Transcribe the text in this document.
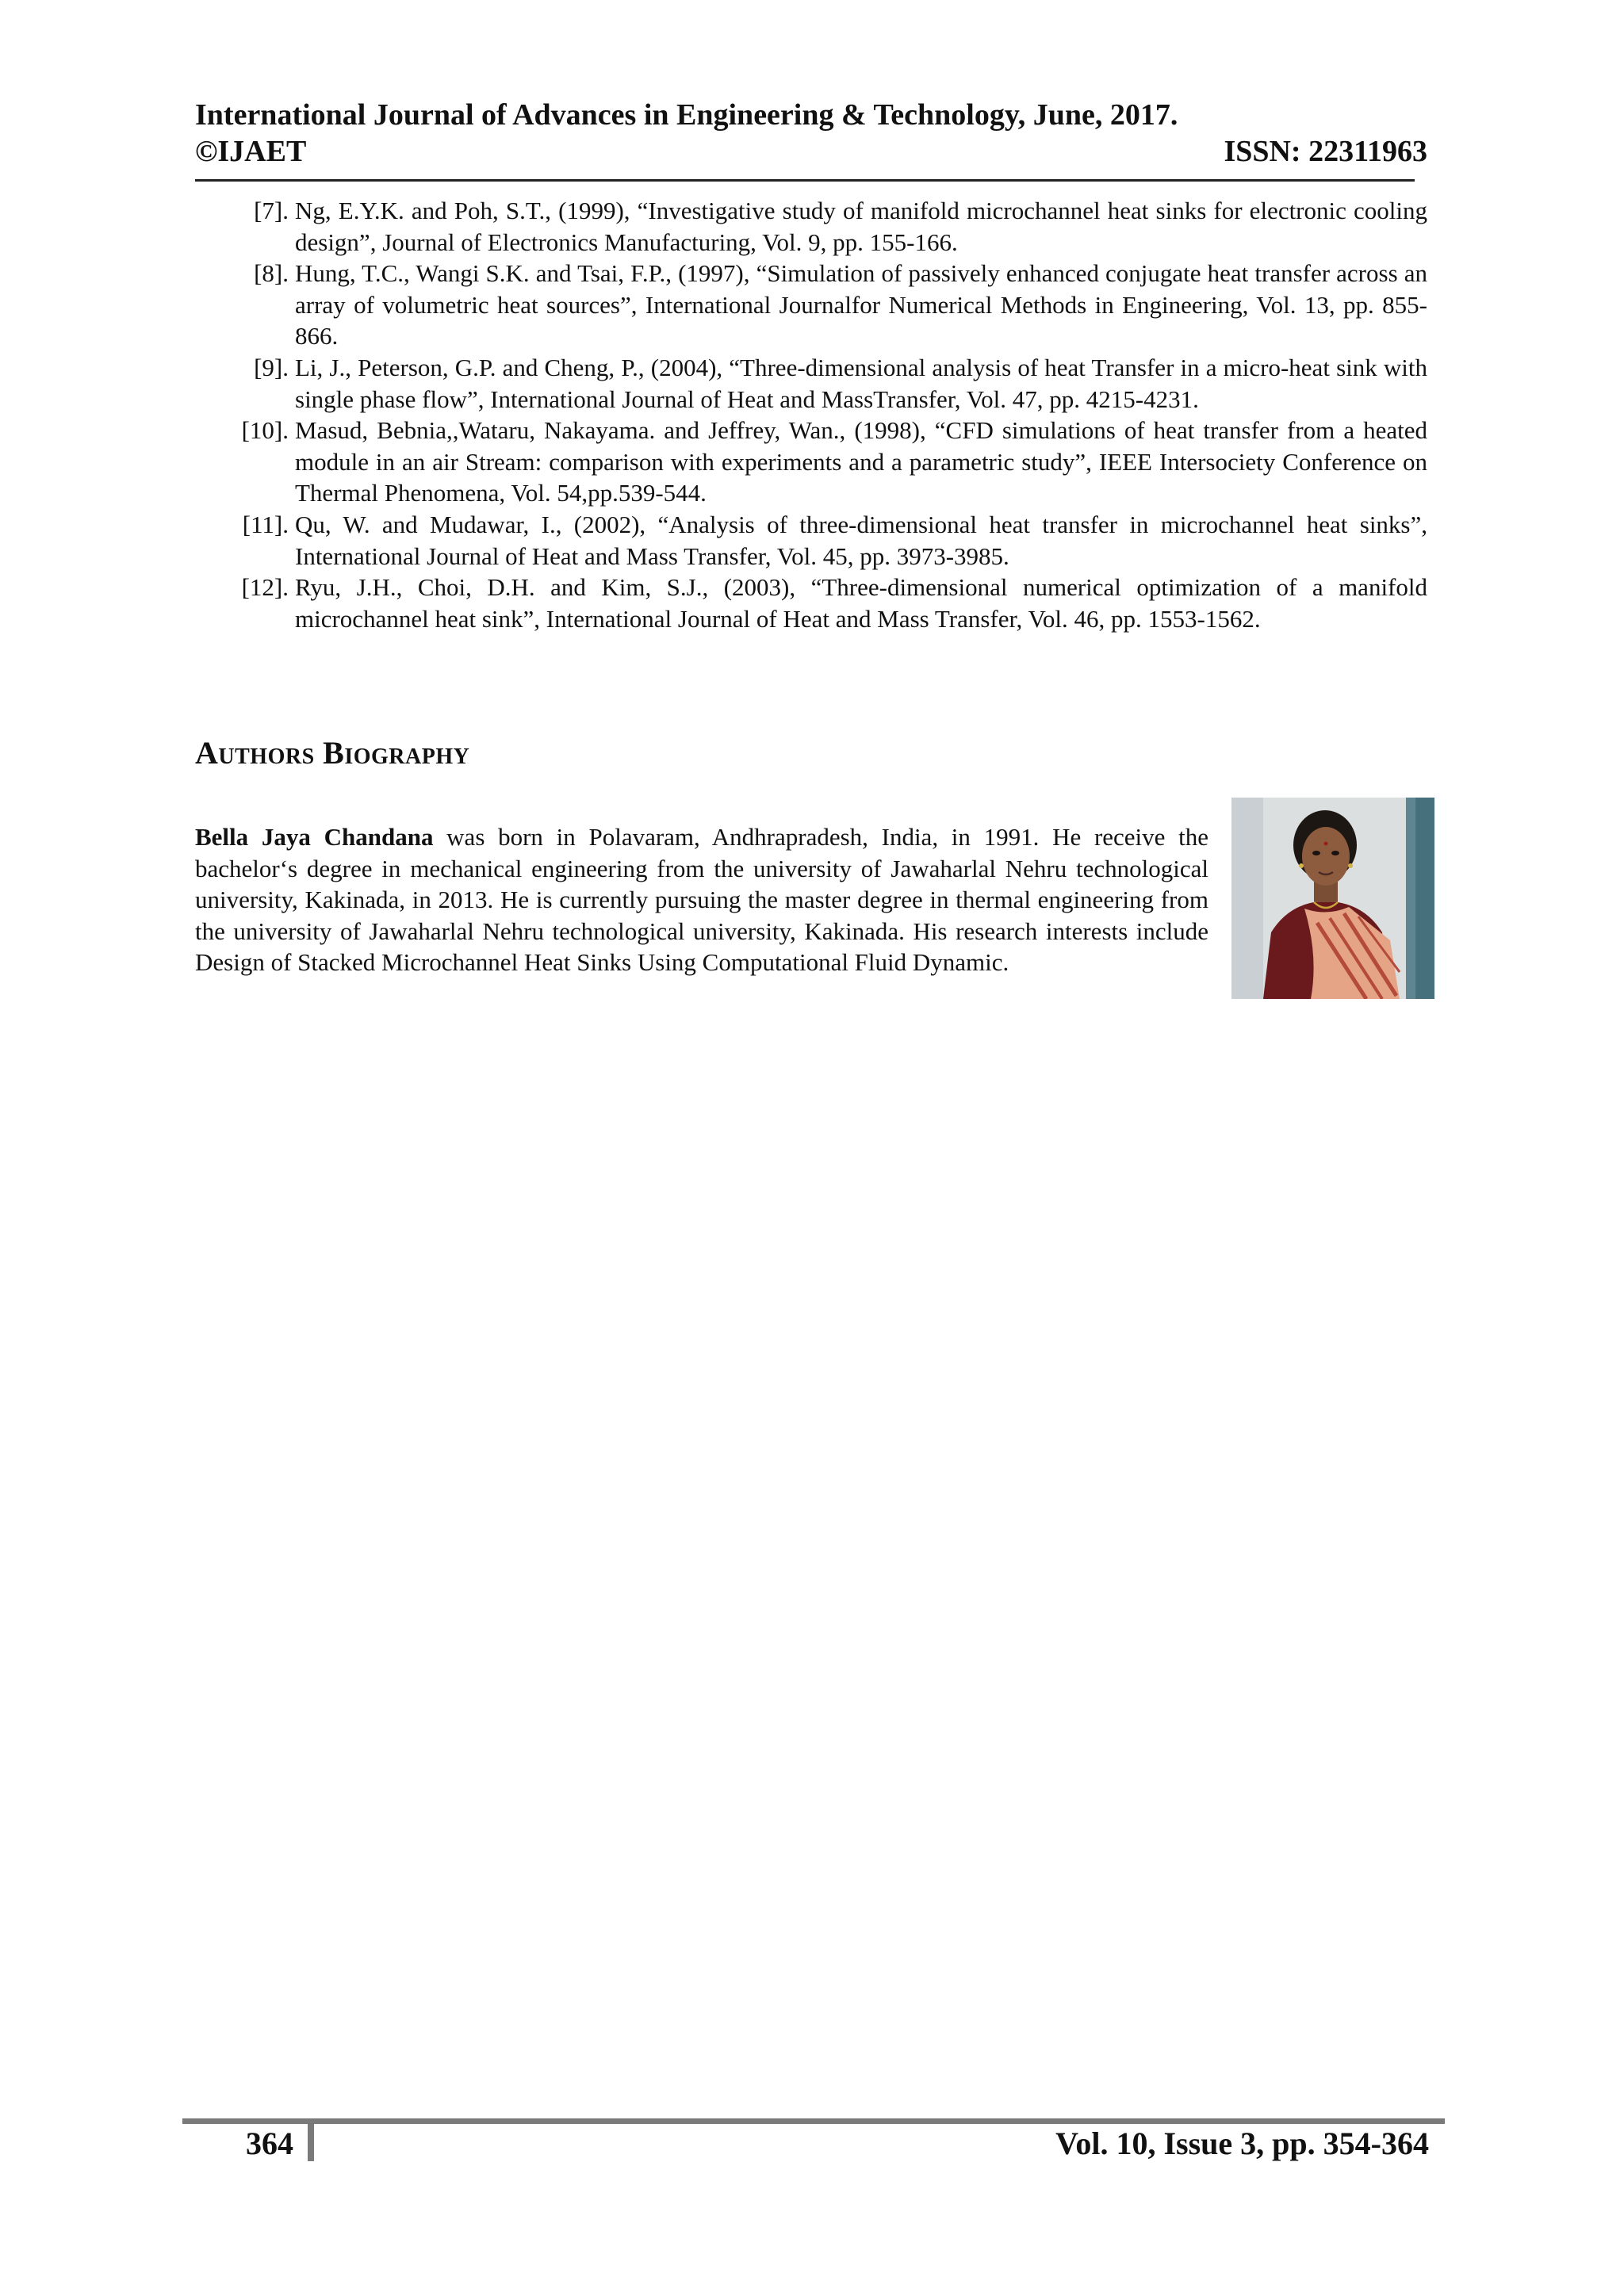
International Journal of Advances in Engineering & Technology, June, 2017.
©IJAET	ISSN: 22311963
[7]. Ng, E.Y.K. and Poh, S.T., (1999), “Investigative study of manifold microchannel heat sinks for electronic cooling design”, Journal of Electronics Manufacturing, Vol. 9, pp. 155-166.
[8]. Hung, T.C., Wangi S.K. and Tsai, F.P., (1997), “Simulation of passively enhanced conjugate heat transfer across an array of volumetric heat sources”, International Journalfor Numerical Methods in Engineering, Vol. 13, pp. 855-866.
[9]. Li, J., Peterson, G.P. and Cheng, P., (2004), “Three-dimensional analysis of heat Transfer in a micro-heat sink with single phase flow”, International Journal of Heat and MassTransfer, Vol. 47, pp. 4215-4231.
[10]. Masud, Bebnia,,Wataru, Nakayama. and Jeffrey, Wan., (1998), “CFD simulations of heat transfer from a heated module in an air Stream: comparison with experiments and a parametric study”, IEEE Intersociety Conference on Thermal Phenomena, Vol. 54,pp.539-544.
[11]. Qu, W. and Mudawar, I., (2002), “Analysis of three-dimensional heat transfer in microchannel heat sinks”, International Journal of Heat and Mass Transfer, Vol. 45, pp. 3973-3985.
[12]. Ryu, J.H., Choi, D.H. and Kim, S.J., (2003), “Three-dimensional numerical optimization of a manifold microchannel heat sink”, International Journal of Heat and Mass Transfer, Vol. 46, pp. 1553-1562.
Authors Biography

Bella Jaya Chandana was born in Polavaram, Andhrapradesh, India, in 1991. He receive the bachelor‘s degree in mechanical engineering from the university of Jawaharlal Nehru technological university, Kakinada, in 2013. He is currently pursuing the master degree in thermal engineering from the university of Jawaharlal Nehru technological university, Kakinada. His research interests include Design of Stacked Microchannel Heat Sinks Using Computational Fluid Dynamic.

364	Vol. 10, Issue 3, pp. 354-364
